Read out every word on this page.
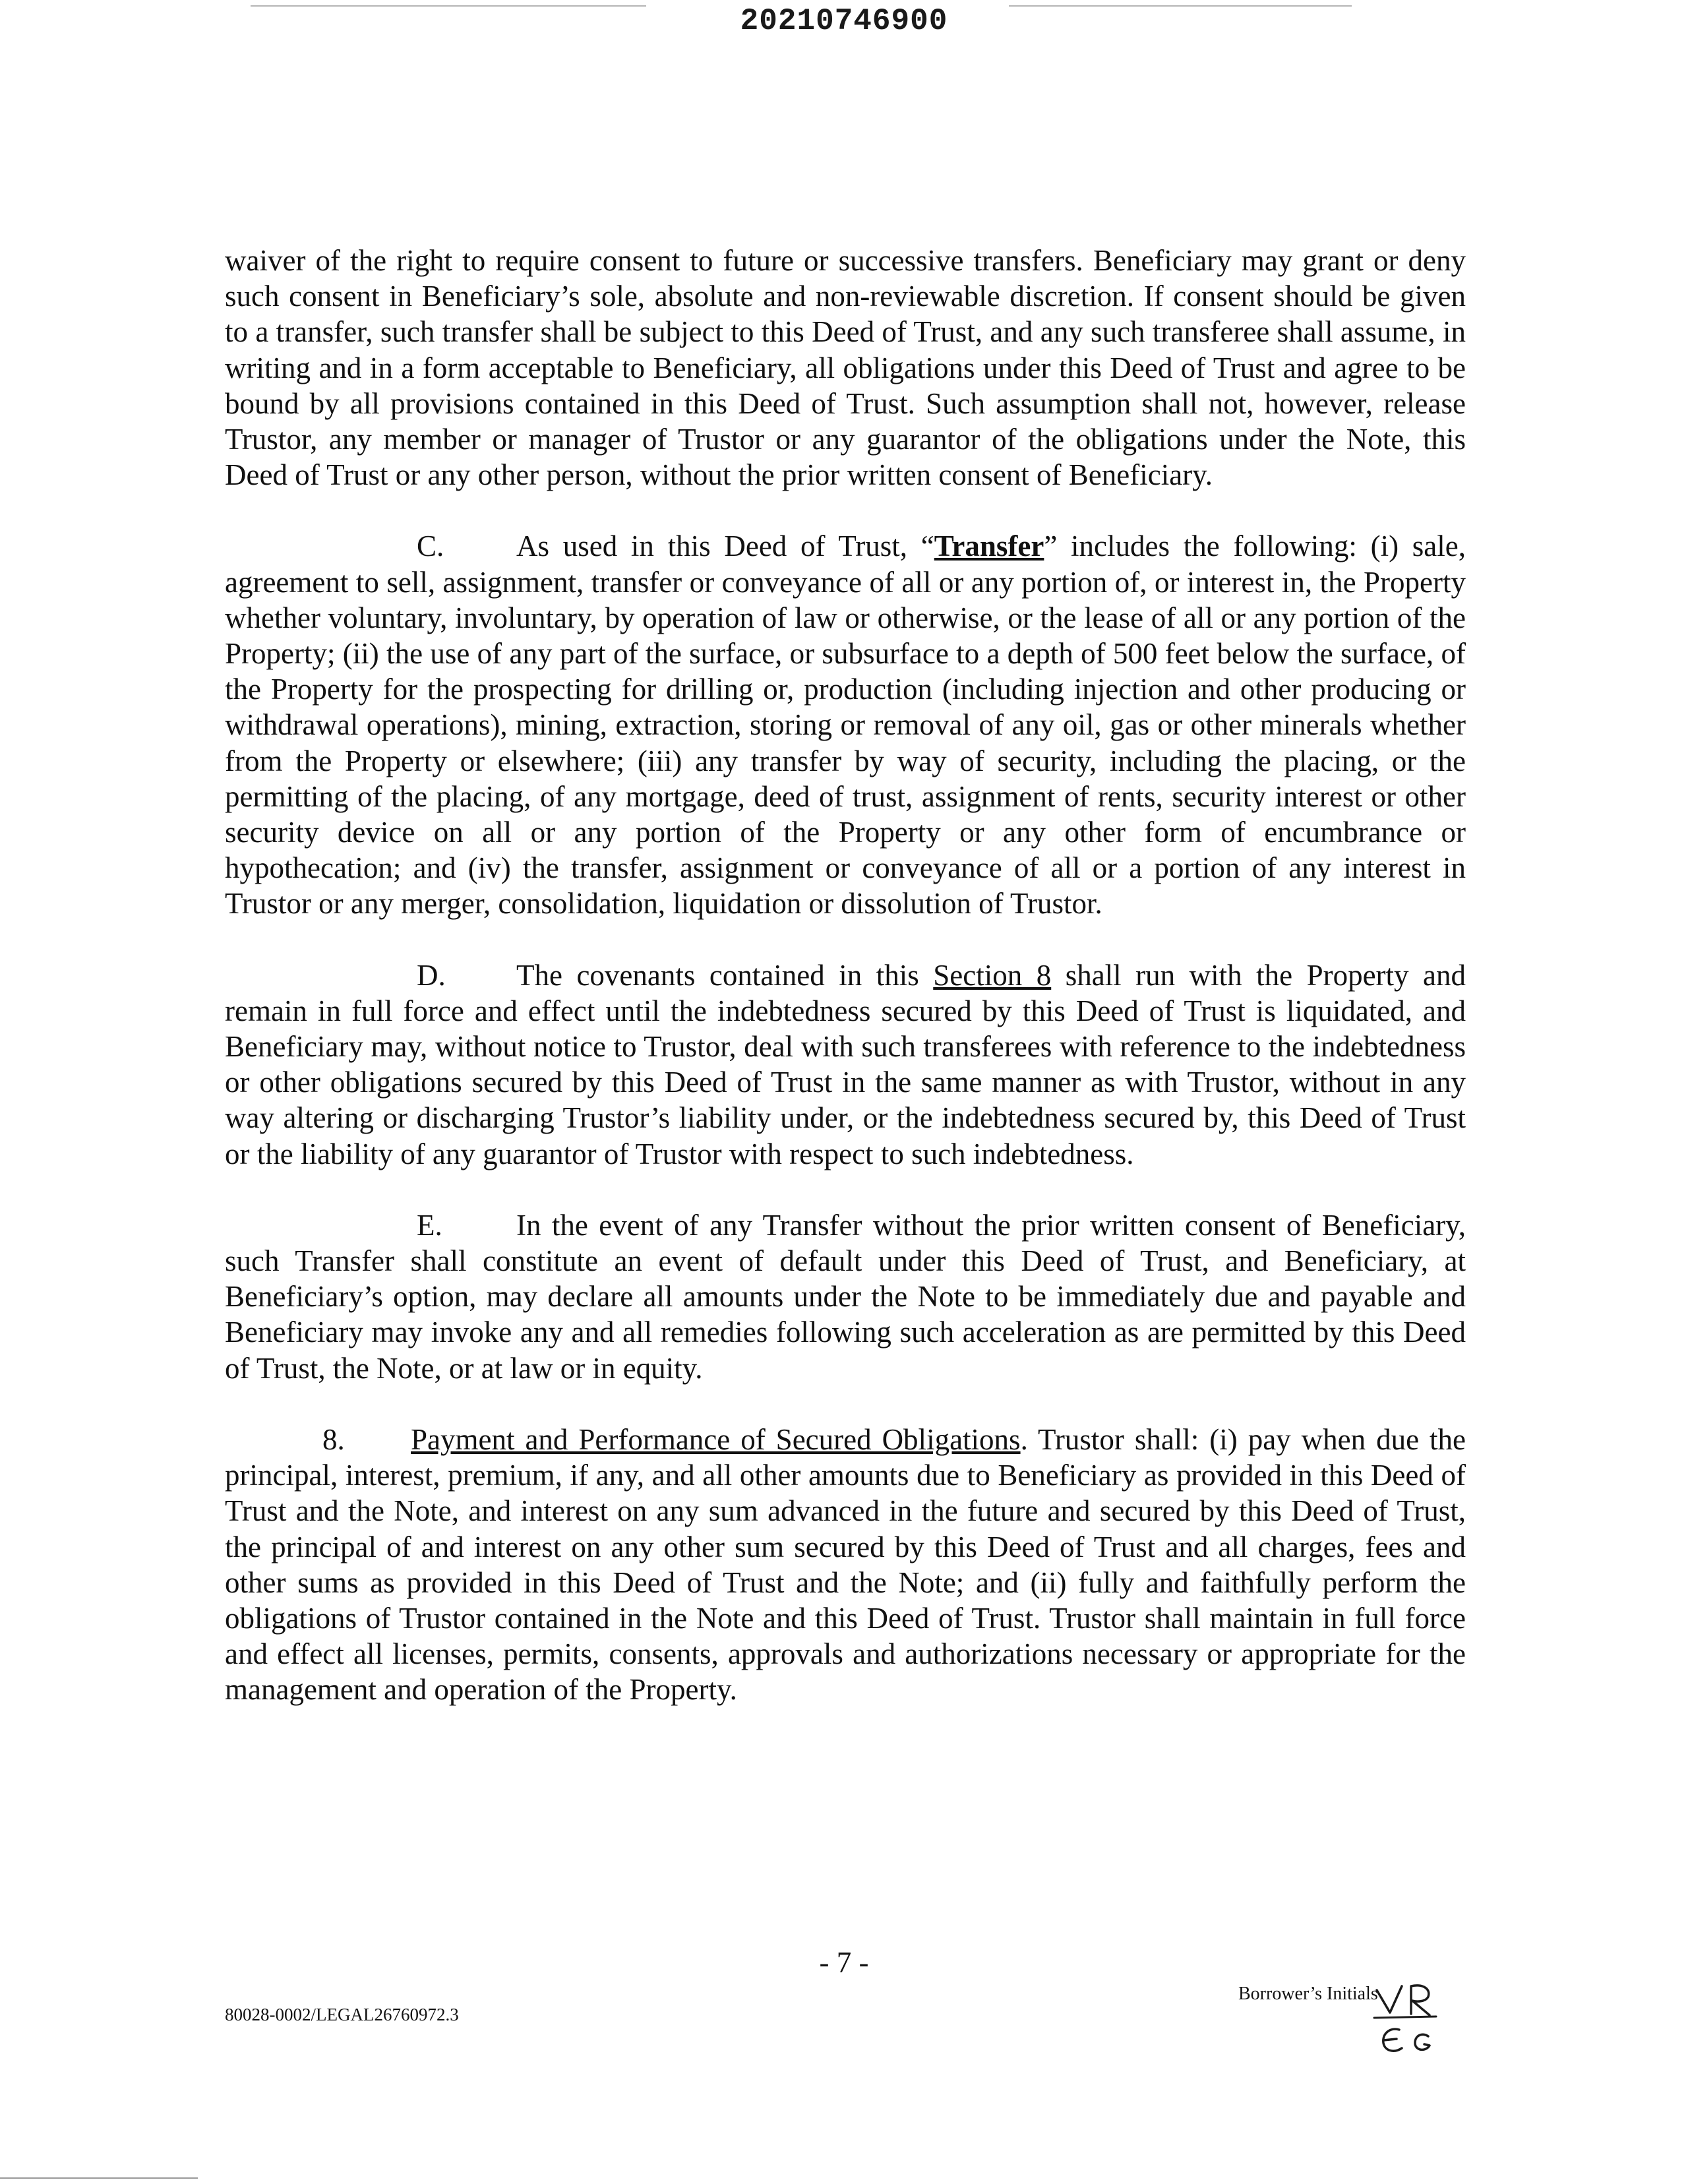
20210746900

waiver of the right to require consent to future or successive transfers. Beneficiary may grant or deny such consent in Beneficiary’s sole, absolute and non-reviewable discretion. If consent should be given to a transfer, such transfer shall be subject to this Deed of Trust, and any such transferee shall assume, in writing and in a form acceptable to Beneficiary, all obligations under this Deed of Trust and agree to be bound by all provisions contained in this Deed of Trust. Such assumption shall not, however, release Trustor, any member or manager of Trustor or any guarantor of the obligations under the Note, this Deed of Trust or any other person, without the prior written consent of Beneficiary.

C. As used in this Deed of Trust, “Transfer” includes the following: (i) sale, agreement to sell, assignment, transfer or conveyance of all or any portion of, or interest in, the Property whether voluntary, involuntary, by operation of law or otherwise, or the lease of all or any portion of the Property; (ii) the use of any part of the surface, or subsurface to a depth of 500 feet below the surface, of the Property for the prospecting for drilling or, production (including injection and other producing or withdrawal operations), mining, extraction, storing or removal of any oil, gas or other minerals whether from the Property or elsewhere; (iii) any transfer by way of security, including the placing, or the permitting of the placing, of any mortgage, deed of trust, assignment of rents, security interest or other security device on all or any portion of the Property or any other form of encumbrance or hypothecation; and (iv) the transfer, assignment or conveyance of all or a portion of any interest in Trustor or any merger, consolidation, liquidation or dissolution of Trustor.

D. The covenants contained in this Section 8 shall run with the Property and remain in full force and effect until the indebtedness secured by this Deed of Trust is liquidated, and Beneficiary may, without notice to Trustor, deal with such transferees with reference to the indebtedness or other obligations secured by this Deed of Trust in the same manner as with Trustor, without in any way altering or discharging Trustor’s liability under, or the indebtedness secured by, this Deed of Trust or the liability of any guarantor of Trustor with respect to such indebtedness.

E. In the event of any Transfer without the prior written consent of Beneficiary, such Transfer shall constitute an event of default under this Deed of Trust, and Beneficiary, at Beneficiary’s option, may declare all amounts under the Note to be immediately due and payable and Beneficiary may invoke any and all remedies following such acceleration as are permitted by this Deed of Trust, the Note, or at law or in equity.

8. Payment and Performance of Secured Obligations. Trustor shall: (i) pay when due the principal, interest, premium, if any, and all other amounts due to Beneficiary as provided in this Deed of Trust and the Note, and interest on any sum advanced in the future and secured by this Deed of Trust, the principal of and interest on any other sum secured by this Deed of Trust and all charges, fees and other sums as provided in this Deed of Trust and the Note; and (ii) fully and faithfully perform the obligations of Trustor contained in the Note and this Deed of Trust. Trustor shall maintain in full force and effect all licenses, permits, consents, approvals and authorizations necessary or appropriate for the management and operation of the Property.

- 7 -
80028-0002/LEGAL26760972.3
Borrower’s Initials
